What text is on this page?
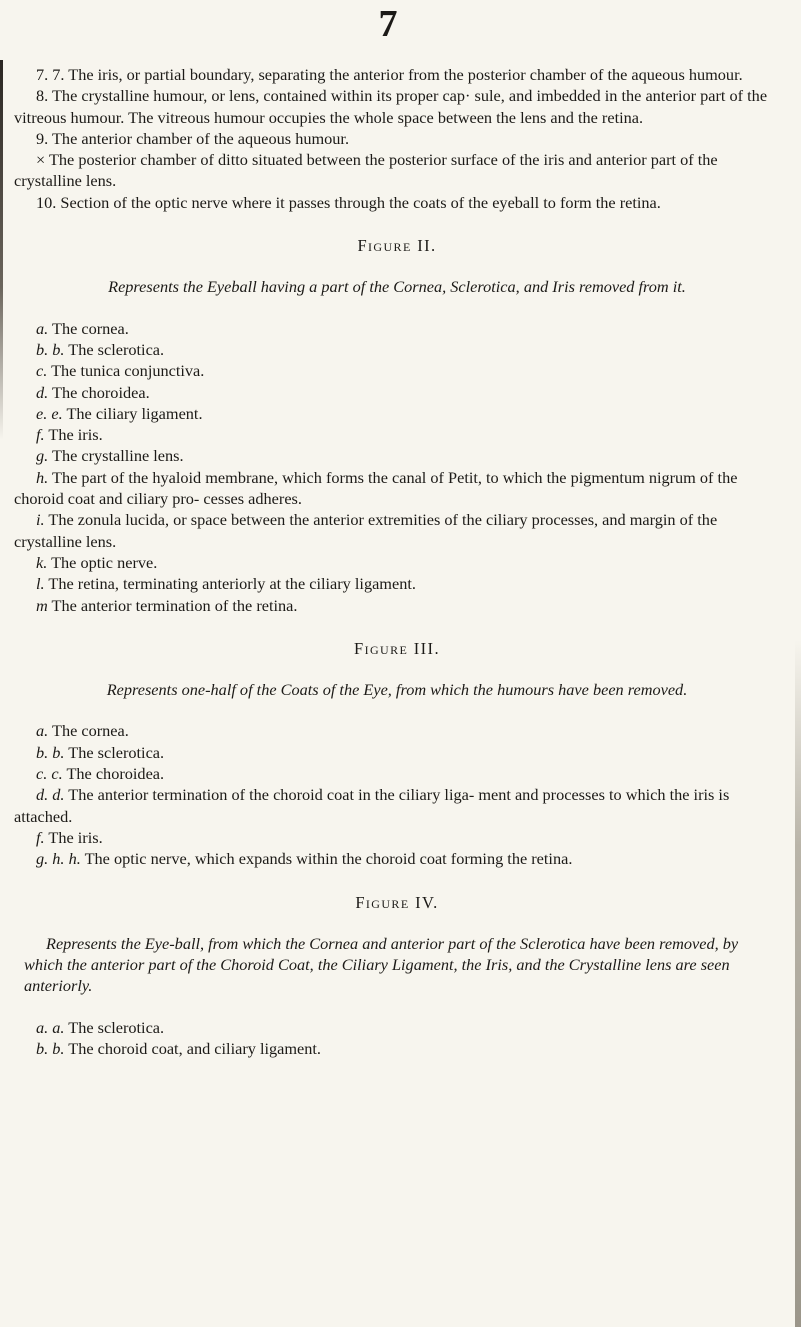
7

7. 7. The iris, or partial boundary, separating the anterior from the posterior chamber of the aqueous humour.

8. The crystalline humour, or lens, contained within its proper cap· sule, and imbedded in the anterior part of the vitreous humour. The vitreous humour occupies the whole space between the lens and the retina.

9. The anterior chamber of the aqueous humour.

× The posterior chamber of ditto situated between the posterior surface of the iris and anterior part of the crystalline lens.

10. Section of the optic nerve where it passes through the coats of the eyeball to form the retina.

Figure II.

Represents the Eyeball having a part of the Cornea, Sclerotica, and Iris removed from it.

a. The cornea.

b. b. The sclerotica.

c. The tunica conjunctiva.

d. The choroidea.

e. e. The ciliary ligament.

f. The iris.

g. The crystalline lens.

h. The part of the hyaloid membrane, which forms the canal of Petit, to which the pigmentum nigrum of the choroid coat and ciliary pro- cesses adheres.

i. The zonula lucida, or space between the anterior extremities of the ciliary processes, and margin of the crystalline lens.

k. The optic nerve.

l. The retina, terminating anteriorly at the ciliary ligament.

m The anterior termination of the retina.

Figure III.

Represents one-half of the Coats of the Eye, from which the humours have been removed.

a. The cornea.

b. b. The sclerotica.

c. c. The choroidea.

d. d. The anterior termination of the choroid coat in the ciliary liga- ment and processes to which the iris is attached.

f. The iris.

g. h. h. The optic nerve, which expands within the choroid coat forming the retina.

Figure IV.

Represents the Eye-ball, from which the Cornea and anterior part of the Sclerotica have been removed, by which the anterior part of the Choroid Coat, the Ciliary Ligament, the Iris, and the Crystalline lens are seen anteriorly.

a. a. The sclerotica.

b. b. The choroid coat, and ciliary ligament.
